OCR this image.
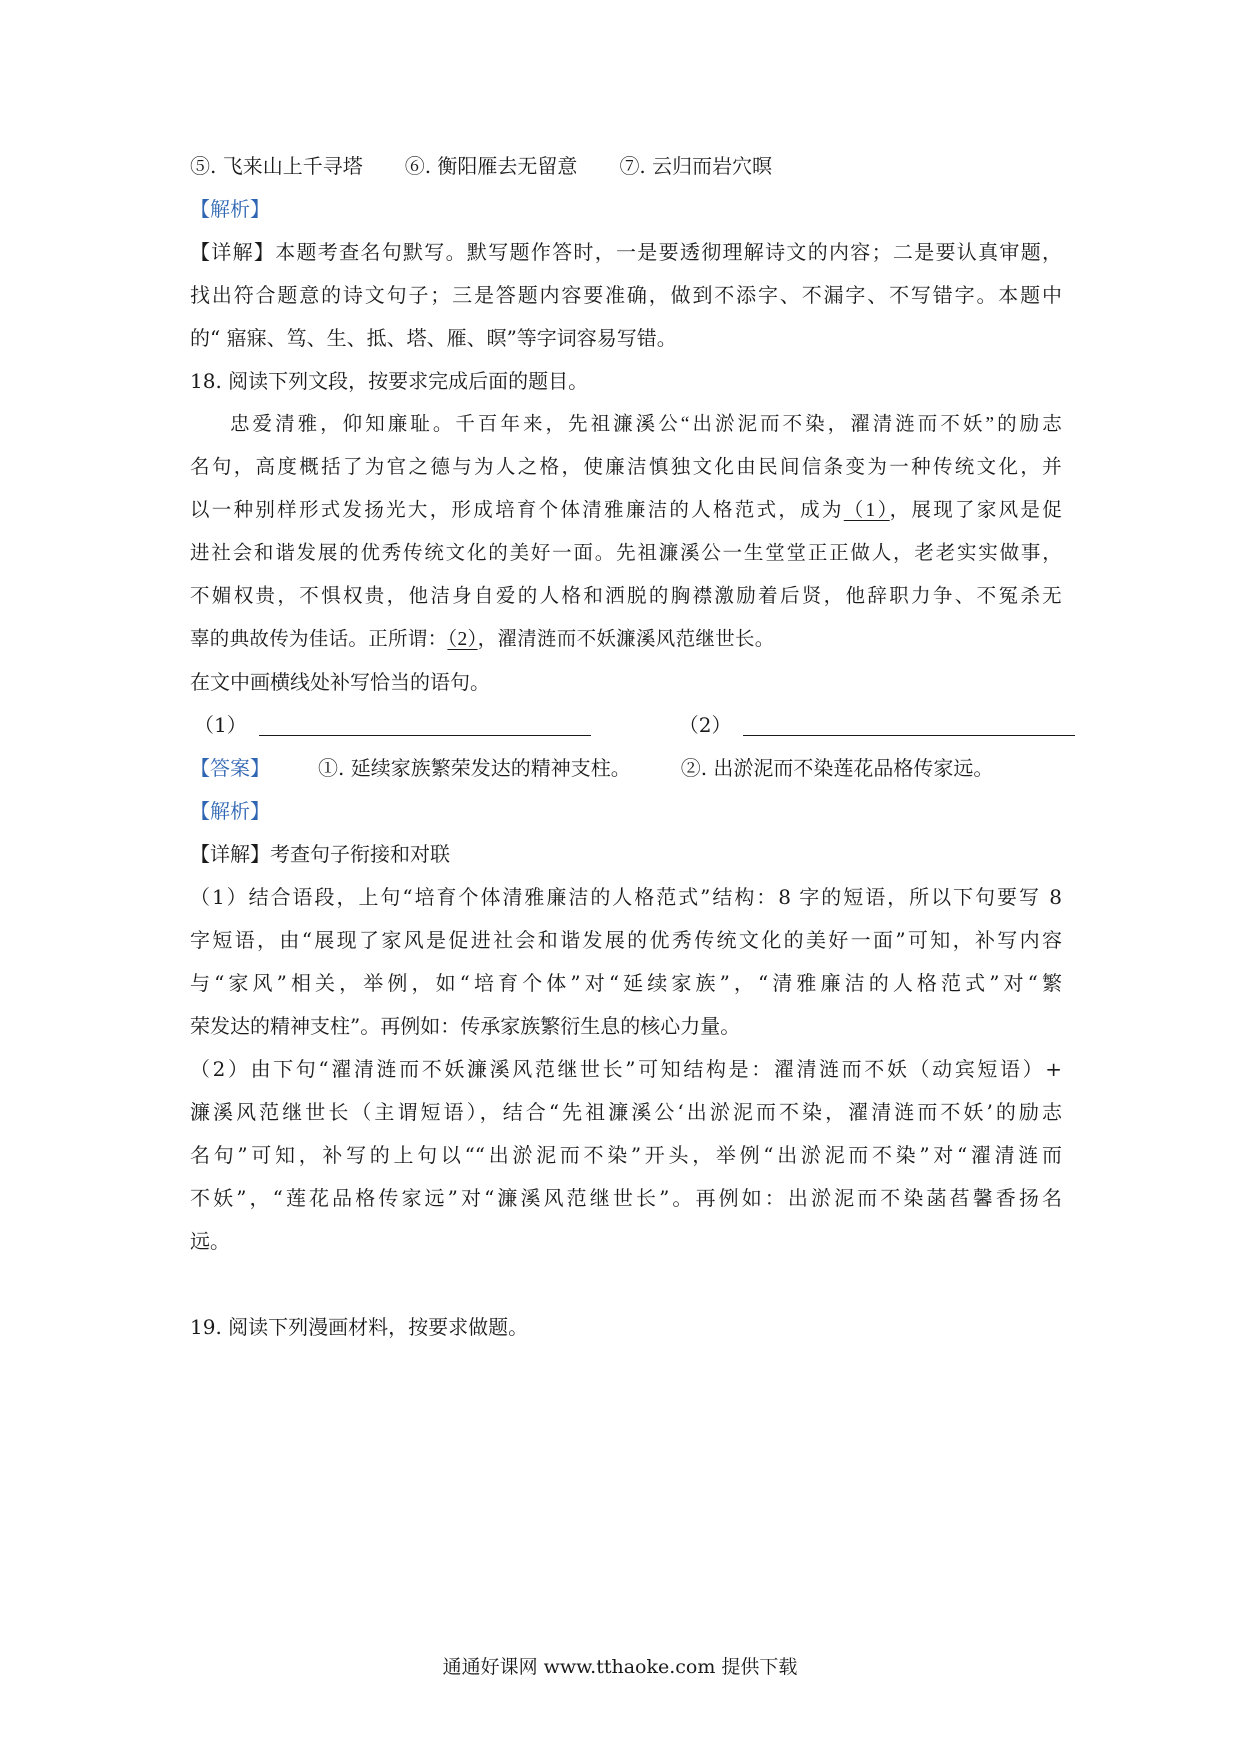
⑤. 飞来山上千寻塔 ⑥. 衡阳雁去无留意 ⑦. 云归而岩穴暝
【解析】
【详解】本题考查名句默写。默写题作答时，一是要透彻理解诗文的内容；二是要认真审题，
找出符合题意的诗文句子；三是答题内容要准确，做到不添字、不漏字、不写错字。本题中
的“ 寤寐、笃、生、抵、塔、雁、暝”等字词容易写错。
18. 阅读下列文段，按要求完成后面的题目。
忠爱清雅，仰知廉耻。千百年来，先祖濂溪公“出淤泥而不染，濯清涟而不妖”的励志
名句，高度概括了为官之德与为人之格，使廉洁慎独文化由民间信条变为一种传统文化，并
以一种别样形式发扬光大，形成培育个体清雅廉洁的人格范式，成为（1），展现了家风是促
进社会和谐发展的优秀传统文化的美好一面。先祖濂溪公一生堂堂正正做人，老老实实做事，
不媚权贵，不惧权贵，他洁身自爱的人格和洒脱的胸襟激励着后贤，他辞职力争、不冤杀无
辜的典故传为佳话。正所谓：（2），濯清涟而不妖濂溪风范继世长。
在文中画横线处补写恰当的语句。
（1）	（2）
【答案】 ①. 延续家族繁荣发达的精神支柱。	②. 出淤泥而不染莲花品格传家远。
【解析】
【详解】考查句子衔接和对联
（1）结合语段，上句“培育个体清雅廉洁的人格范式”结构：8 字的短语，所以下句要写 8
字短语，由“展现了家风是促进社会和谐发展的优秀传统文化的美好一面”可知，补写内容
与“家风”相关，举例，如“培育个体”对“延续家族”，“清雅廉洁的人格范式”对“繁
荣发达的精神支柱”。再例如：传承家族繁衍生息的核心力量。
（2）由下句“濯清涟而不妖濂溪风范继世长”可知结构是：濯清涟而不妖（动宾短语）+
濂溪风范继世长（主谓短语），结合“先祖濂溪公‘出淤泥而不染，濯清涟而不妖’的励志
名句”可知，补写的上句以““出淤泥而不染”开头，举例“出淤泥而不染”对“濯清涟而
不妖”，“莲花品格传家远”对“濂溪风范继世长”。再例如：出淤泥而不染菡萏馨香扬名
远。
19. 阅读下列漫画材料，按要求做题。
通通好课网 www.tthaoke.com 提供下载
